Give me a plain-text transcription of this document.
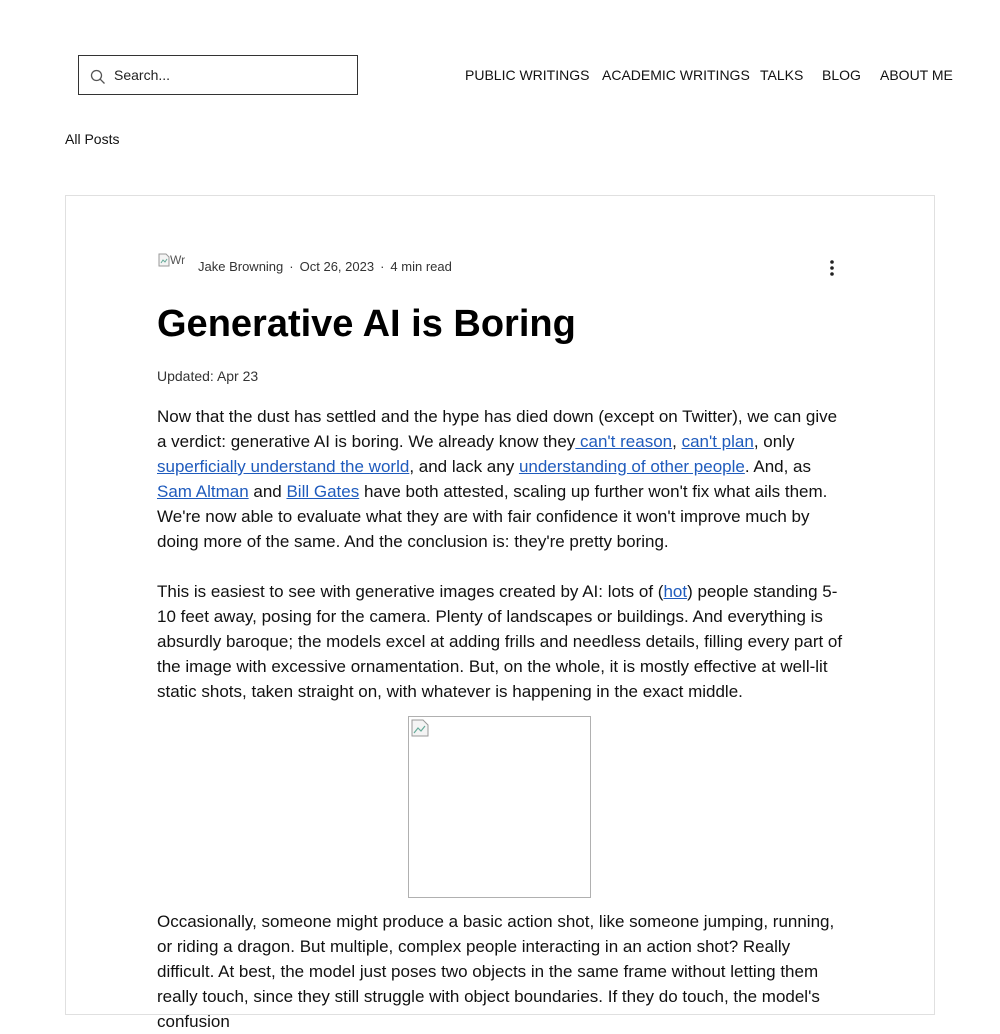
Search...	PUBLIC WRITINGS ACADEMIC WRITINGS TALKS BLOG ABOUT ME
All Posts
Wr Jake Browning · Oct 26, 2023 · 4 min read
Generative AI is Boring
Updated: Apr 23

Now that the dust has settled and the hype has died down (except on Twitter), we can give a verdict: generative AI is boring. We already know they can't reason, can't plan, only superficially understand the world, and lack any understanding of other people. And, as Sam Altman and Bill Gates have both attested, scaling up further won't fix what ails them. We're now able to evaluate what they are with fair confidence it won't improve much by doing more of the same. And the conclusion is: they're pretty boring.

This is easiest to see with generative images created by AI: lots of (hot) people standing 5-10 feet away, posing for the camera. Plenty of landscapes or buildings. And everything is absurdly baroque; the models excel at adding frills and needless details, filling every part of the image with excessive ornamentation. But, on the whole, it is mostly effective at well-lit static shots, taken straight on, with whatever is happening in the exact middle.

Occasionally, someone might produce a basic action shot, like someone jumping, running, or riding a dragon. But multiple, complex people interacting in an action shot? Really difficult. At best, the model just poses two objects in the same frame without letting them really touch, since they still struggle with object boundaries. If they do touch, the model's confusion
